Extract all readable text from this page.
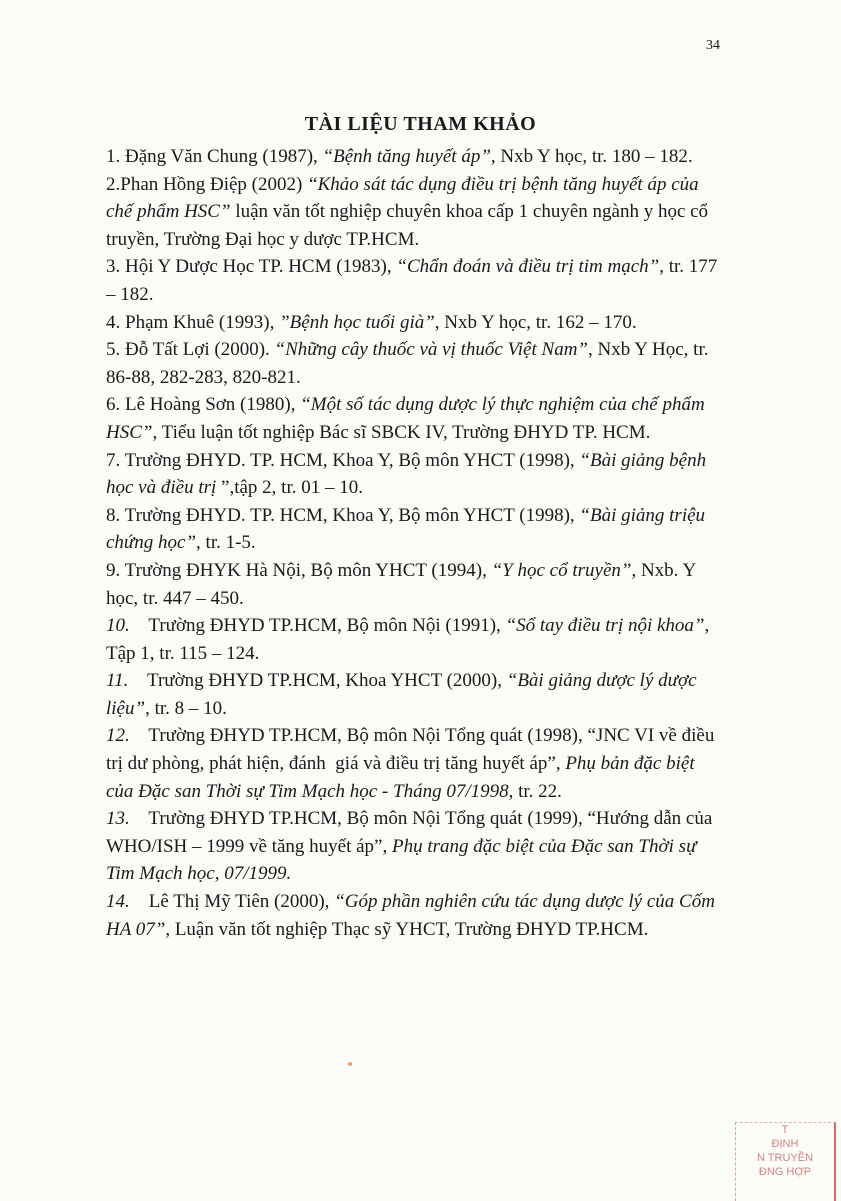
34
TÀI LIỆU THAM KHẢO
1. Đặng Văn Chung (1987), “Bệnh tăng huyết áp”, Nxb Y học, tr. 180 – 182.
2.Phan Hồng Điệp (2002) “Khảo sát tác dụng điều trị bệnh tăng huyết áp của chế phẩm HSC” luận văn tốt nghiệp chuyên khoa cấp 1 chuyên ngành y học cổ truyền, Trường Đại học y dược TP.HCM.
3. Hội Y Dược Học TP. HCM (1983), “Chẩn đoán và điều trị tim mạch”, tr. 177 – 182.
4. Phạm Khuê (1993), ”Bệnh học tuổi già”, Nxb Y học, tr. 162 – 170.
5. Đỗ Tất Lợi (2000). “Những cây thuốc và vị thuốc Việt Nam”, Nxb Y Học, tr. 86-88, 282-283, 820-821.
6. Lê Hoàng Sơn (1980), “Một số tác dụng dược lý thực nghiệm của chế phẩm HSC”, Tiểu luận tốt nghiệp Bác sĩ SBCK IV, Trường ĐHYD TP. HCM.
7. Trường ĐHYD. TP. HCM, Khoa Y, Bộ môn YHCT (1998), “Bài giảng bệnh học và điều trị ”,tập 2, tr. 01 – 10.
8. Trường ĐHYD. TP. HCM, Khoa Y, Bộ môn YHCT (1998), “Bài giảng triệu chứng học”, tr. 1-5.
9. Trường ĐHYK Hà Nội, Bộ môn YHCT (1994), “Y học cổ truyền”, Nxb. Y học, tr. 447 – 450.
10.    Trường ĐHYD TP.HCM, Bộ môn Nội (1991), “Sổ tay điều trị nội khoa”, Tập 1, tr. 115 – 124.
11.    Trường ĐHYD TP.HCM, Khoa YHCT (2000), “Bài giảng dược lý dược liệu”, tr. 8 – 10.
12.    Trường ĐHYD TP.HCM, Bộ môn Nội Tổng quát (1998), “JNC VI về điều trị dư phòng, phát hiện, đánh  giá và điều trị tăng huyết áp”, Phụ bản đặc biệt của Đặc san Thời sự Tim Mạch học - Tháng 07/1998, tr. 22.
13.    Trường ĐHYD TP.HCM, Bộ môn Nội Tổng quát (1999), “Hướng dẫn của WHO/ISH – 1999 về tăng huyết áp”, Phụ trang đặc biệt của Đặc san Thời sự Tim Mạch học, 07/1999.
14.    Lê Thị Mỹ Tiên (2000), “Góp phần nghiên cứu tác dụng dược lý của Cốm HA 07”, Luận văn tốt nghiệp Thạc sỹ YHCT, Trường ĐHYD TP.HCM.
T
ĐỊNH
N TRUYỀN
ĐNG HỢP
